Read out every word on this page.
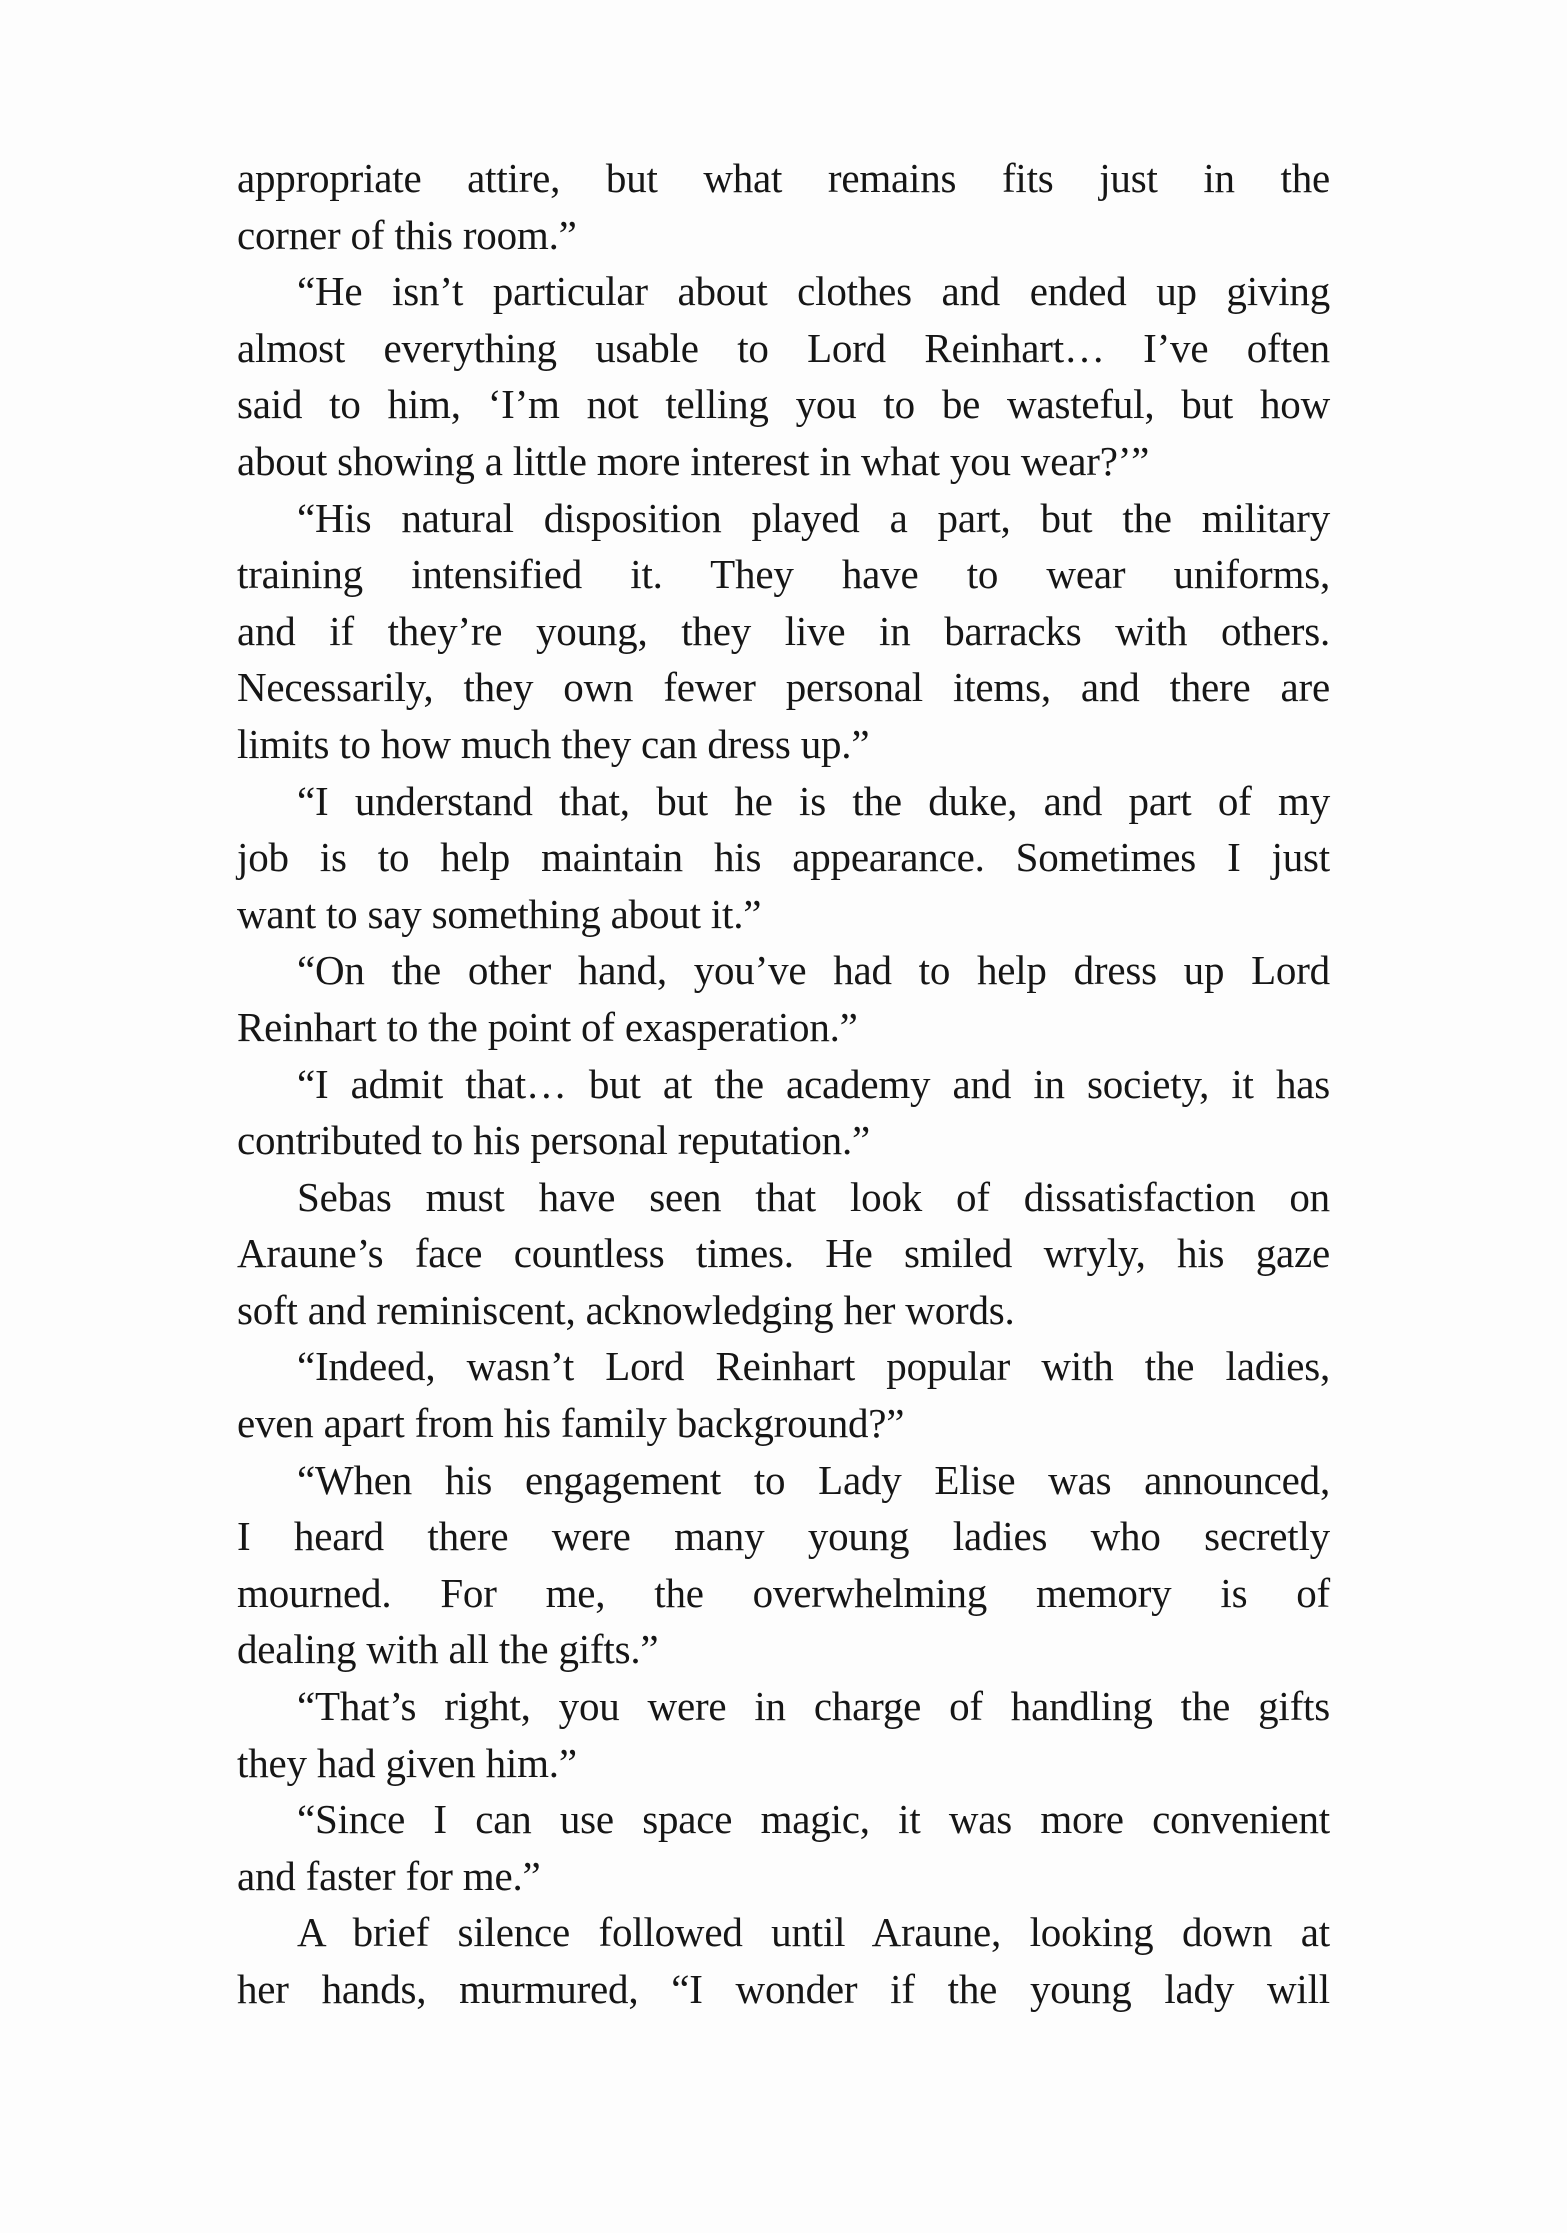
appropriate attire, but what remains fits just in the
corner of this room.”
“He isn’t particular about clothes and ended up giving
almost everything usable to Lord Reinhart… I’ve often
said to him, ‘I’m not telling you to be wasteful, but how
about showing a little more interest in what you wear?’”
“His natural disposition played a part, but the military
training intensified it. They have to wear uniforms,
and if they’re young, they live in barracks with others.
Necessarily, they own fewer personal items, and there are
limits to how much they can dress up.”
“I understand that, but he is the duke, and part of my
job is to help maintain his appearance. Sometimes I just
want to say something about it.”
“On the other hand, you’ve had to help dress up Lord
Reinhart to the point of exasperation.”
“I admit that… but at the academy and in society, it has
contributed to his personal reputation.”
Sebas must have seen that look of dissatisfaction on
Araune’s face countless times. He smiled wryly, his gaze
soft and reminiscent, acknowledging her words.
“Indeed, wasn’t Lord Reinhart popular with the ladies,
even apart from his family background?”
“When his engagement to Lady Elise was announced,
I heard there were many young ladies who secretly
mourned. For me, the overwhelming memory is of
dealing with all the gifts.”
“That’s right, you were in charge of handling the gifts
they had given him.”
“Since I can use space magic, it was more convenient
and faster for me.”
A brief silence followed until Araune, looking down at
her hands, murmured, “I wonder if the young lady will
